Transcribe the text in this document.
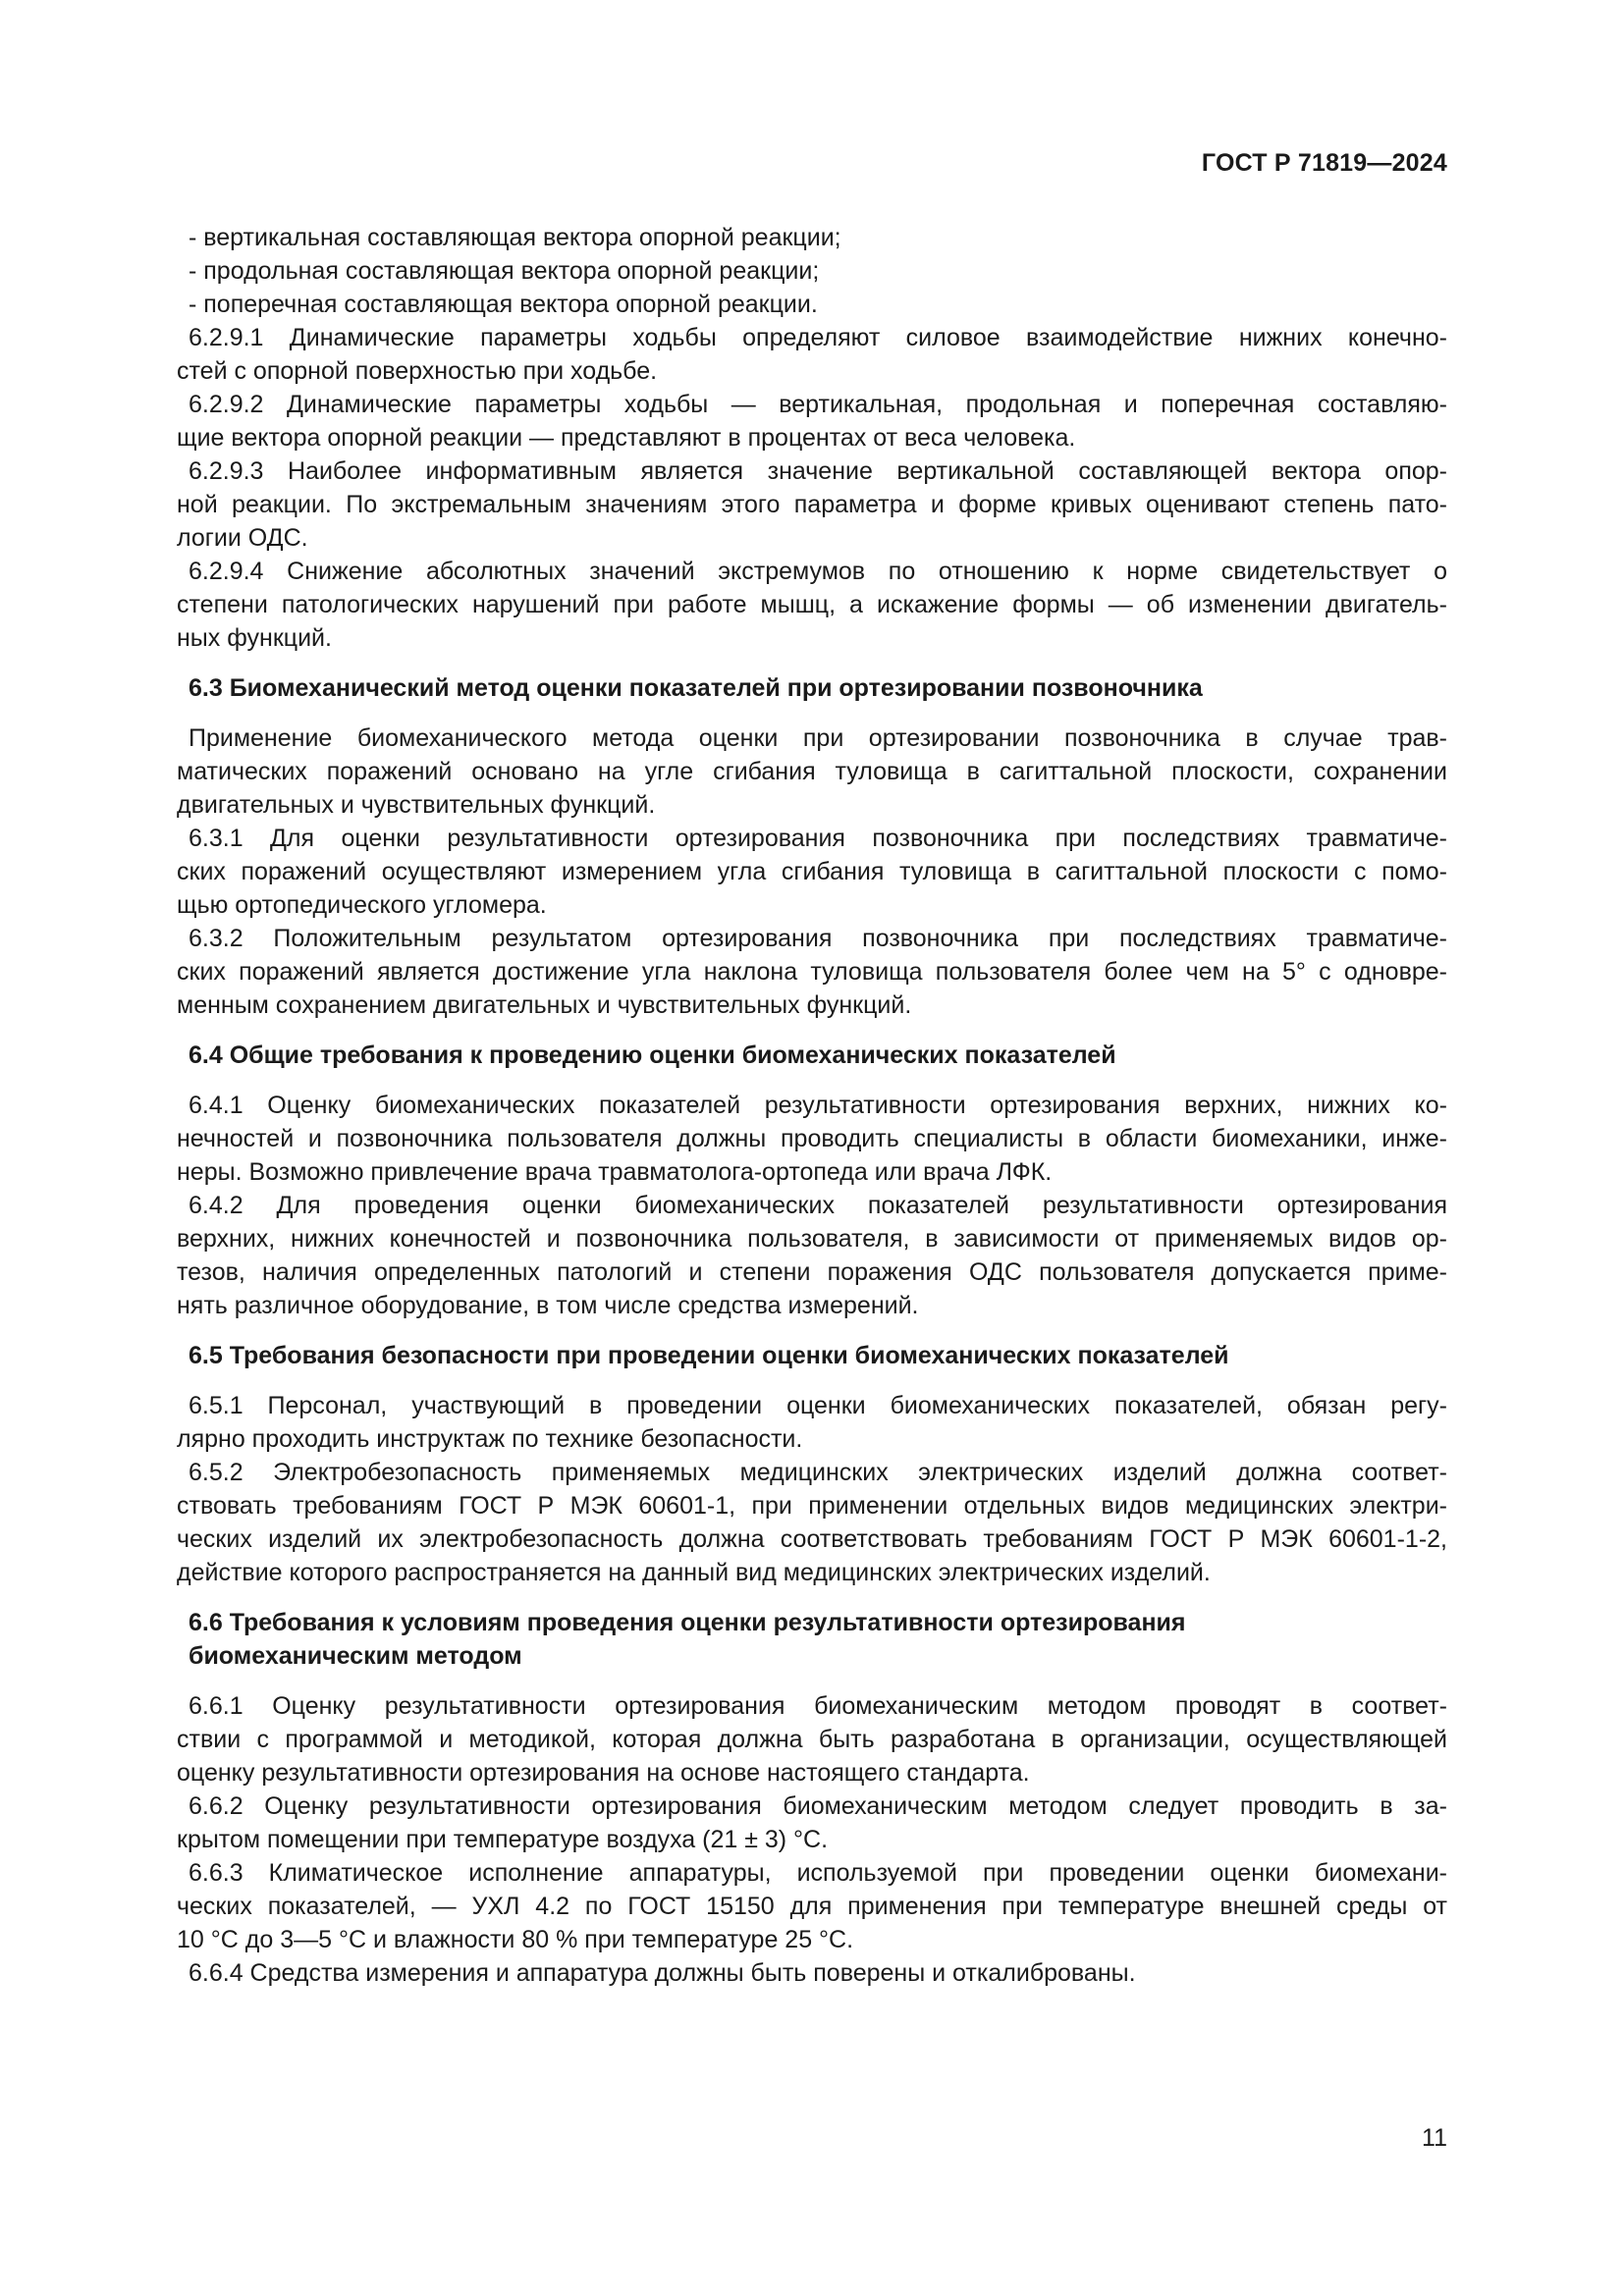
ГОСТ Р 71819—2024
- вертикальная составляющая вектора опорной реакции;
- продольная составляющая вектора опорной реакции;
- поперечная составляющая вектора опорной реакции.
6.2.9.1 Динамические параметры ходьбы определяют силовое взаимодействие нижних конечно-
стей с опорной поверхностью при ходьбе.
6.2.9.2 Динамические параметры ходьбы — вертикальная, продольная и поперечная составляю-
щие вектора опорной реакции — представляют в процентах от веса человека.
6.2.9.3 Наиболее информативным является значение вертикальной составляющей вектора опор-
ной реакции. По экстремальным значениям этого параметра и форме кривых оценивают степень пато-
логии ОДС.
6.2.9.4 Снижение абсолютных значений экстремумов по отношению к норме свидетельствует о
степени патологических нарушений при работе мышц, а искажение формы — об изменении двигатель-
ных функций.
6.3 Биомеханический метод оценки показателей при ортезировании позвоночника
Применение биомеханического метода оценки при ортезировании позвоночника в случае трав-
матических поражений основано на угле сгибания туловища в сагиттальной плоскости, сохранении
двигательных и чувствительных функций.
6.3.1 Для оценки результативности ортезирования позвоночника при последствиях травматиче-
ских поражений осуществляют измерением угла сгибания туловища в сагиттальной плоскости с помо-
щью ортопедического угломера.
6.3.2 Положительным результатом ортезирования позвоночника при последствиях травматиче-
ских поражений является достижение угла наклона туловища пользователя более чем на 5° с одновре-
менным сохранением двигательных и чувствительных функций.
6.4 Общие требования к проведению оценки биомеханических показателей
6.4.1 Оценку биомеханических показателей результативности ортезирования верхних, нижних ко-
нечностей и позвоночника пользователя должны проводить специалисты в области биомеханики, инже-
неры. Возможно привлечение врача травматолога-ортопеда или врача ЛФК.
6.4.2 Для проведения оценки биомеханических показателей результативности ортезирования
верхних, нижних конечностей и позвоночника пользователя, в зависимости от применяемых видов ор-
тезов, наличия определенных патологий и степени поражения ОДС пользователя допускается приме-
нять различное оборудование, в том числе средства измерений.
6.5 Требования безопасности при проведении оценки биомеханических показателей
6.5.1 Персонал, участвующий в проведении оценки биомеханических показателей, обязан регу-
лярно проходить инструктаж по технике безопасности.
6.5.2 Электробезопасность применяемых медицинских электрических изделий должна соответ-
ствовать требованиям ГОСТ Р МЭК 60601-1, при применении отдельных видов медицинских электри-
ческих изделий их электробезопасность должна соответствовать требованиям ГОСТ Р МЭК 60601-1-2,
действие которого распространяется на данный вид медицинских электрических изделий.
6.6 Требования к условиям проведения оценки результативности ортезирования
биомеханическим методом
6.6.1 Оценку результативности ортезирования биомеханическим методом проводят в соответ-
ствии с программой и методикой, которая должна быть разработана в организации, осуществляющей
оценку результативности ортезирования на основе настоящего стандарта.
6.6.2 Оценку результативности ортезирования биомеханическим методом следует проводить в за-
крытом помещении при температуре воздуха (21 ± 3) °С.
6.6.3 Климатическое исполнение аппаратуры, используемой при проведении оценки биомехани-
ческих показателей, — УХЛ 4.2 по ГОСТ 15150 для применения при температуре внешней среды от
10 °С до 3—5 °С и влажности 80 % при температуре 25 °С.
6.6.4 Средства измерения и аппаратура должны быть поверены и откалиброваны.
11
